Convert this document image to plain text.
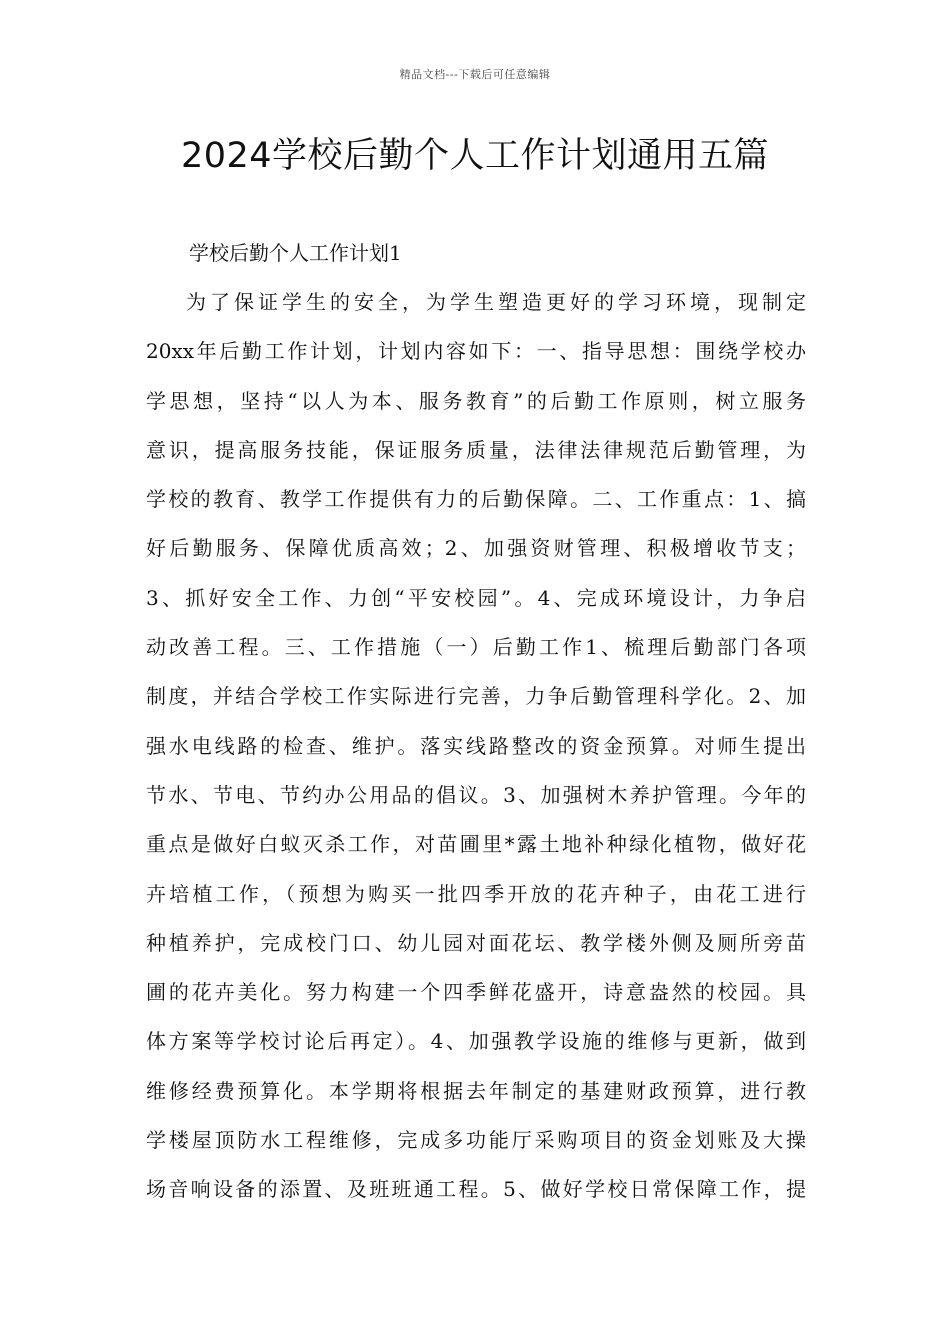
精品文档---下载后可任意编辑
2024学校后勤个人工作计划通用五篇
学校后勤个人工作计划1
为了保证学生的安全，为学生塑造更好的学习环境，现制定
20xx年后勤工作计划，计划内容如下：一、指导思想：围绕学校办
学思想，坚持“以人为本、服务教育”的后勤工作原则，树立服务
意识，提高服务技能，保证服务质量，法律法律规范后勤管理，为
学校的教育、教学工作提供有力的后勤保障。二、工作重点：1、搞
好后勤服务、保障优质高效；2、加强资财管理、积极增收节支；
3、抓好安全工作、力创“平安校园”。4、完成环境设计，力争启
动改善工程。三、工作措施（一）后勤工作1、梳理后勤部门各项
制度，并结合学校工作实际进行完善，力争后勤管理科学化。2、加
强水电线路的检查、维护。落实线路整改的资金预算。对师生提出
节水、节电、节约办公用品的倡议。3、加强树木养护管理。今年的
重点是做好白蚁灭杀工作，对苗圃里*露土地补种绿化植物，做好花
卉培植工作，（预想为购买一批四季开放的花卉种子，由花工进行
种植养护，完成校门口、幼儿园对面花坛、教学楼外侧及厕所旁苗
圃的花卉美化。努力构建一个四季鲜花盛开，诗意盎然的校园。具
体方案等学校讨论后再定）。4、加强教学设施的维修与更新，做到
维修经费预算化。本学期将根据去年制定的基建财政预算，进行教
学楼屋顶防水工程维修，完成多功能厅采购项目的资金划账及大操
场音响设备的添置、及班班通工程。5、做好学校日常保障工作，提
